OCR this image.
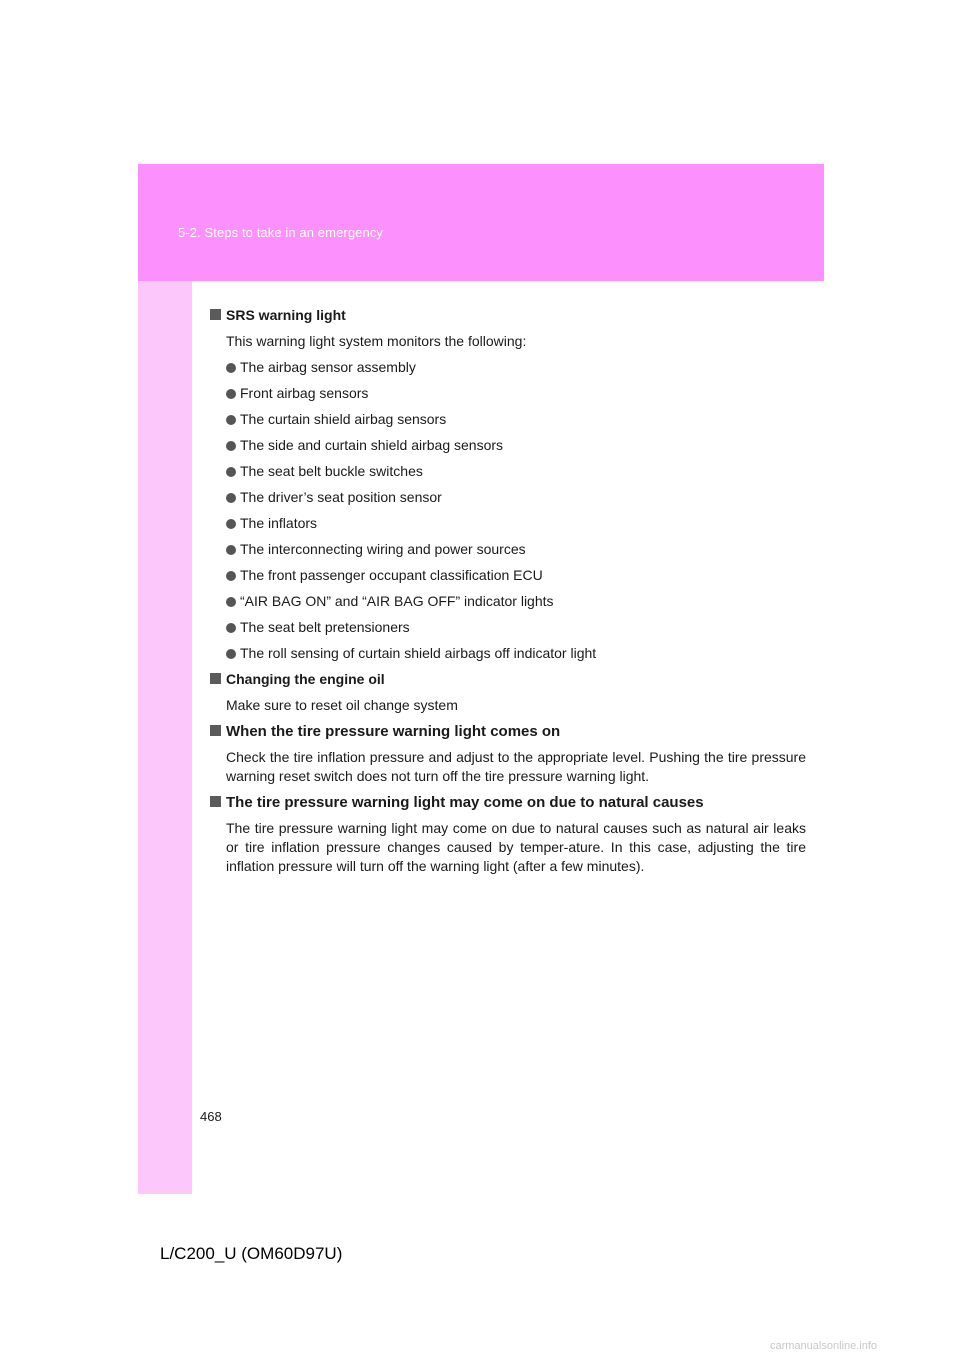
5-2. Steps to take in an emergency
SRS warning light
This warning light system monitors the following:
The airbag sensor assembly
Front airbag sensors
The curtain shield airbag sensors
The side and curtain shield airbag sensors
The seat belt buckle switches
The driver’s seat position sensor
The inflators
The interconnecting wiring and power sources
The front passenger occupant classification ECU
“AIR BAG ON” and “AIR BAG OFF” indicator lights
The seat belt pretensioners
The roll sensing of curtain shield airbags off indicator light
Changing the engine oil
Make sure to reset oil change system
When the tire pressure warning light comes on
Check the tire inflation pressure and adjust to the appropriate level. Pushing the tire pressure warning reset switch does not turn off the tire pressure warning light.
The tire pressure warning light may come on due to natural causes
The tire pressure warning light may come on due to natural causes such as natural air leaks or tire inflation pressure changes caused by temper-ature. In this case, adjusting the tire inflation pressure will turn off the warning light (after a few minutes).
468
L/C200_U (OM60D97U)
carmanualsonline.info
